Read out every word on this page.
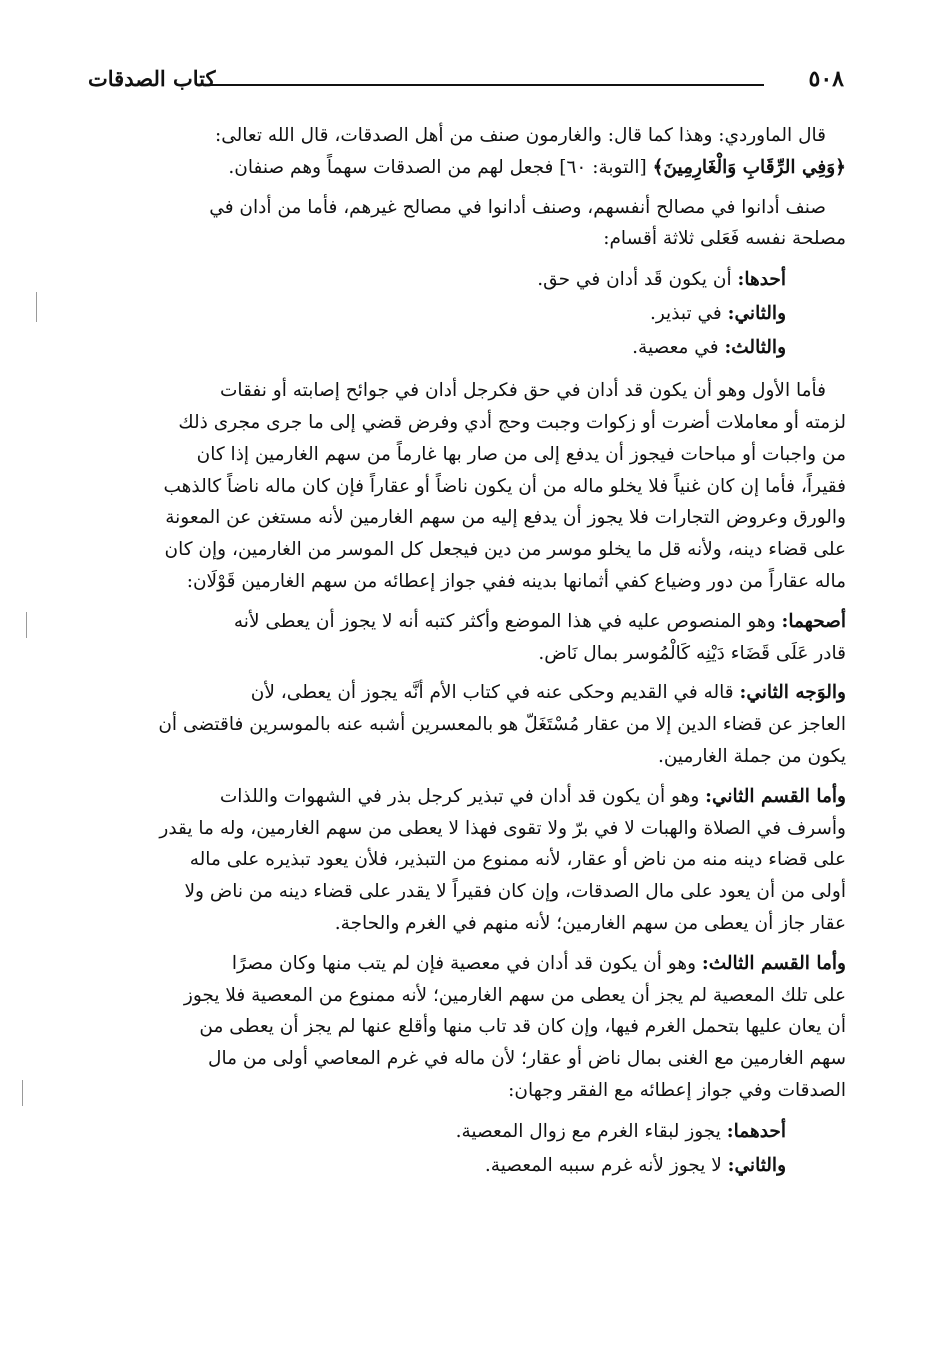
كتاب الصدقات	٥٠٨
قال الماوردي: وهذا كما قال: والغارمون صنف من أهل الصدقات، قال الله تعالى:
﴿وَفِي الرِّقَابِ وَالْغَارِمِينَ﴾ [التوبة: ٦٠] فجعل لهم من الصدقات سهماً وهم صنفان.
صنف أدانوا في مصالح أنفسهم، وصنف أدانوا في مصالح غيرهم، فأما من أدان في
مصلحة نفسه فَعَلى ثلاثة أقسام:
أحدها: أن يكون قَد أدان في حق.
والثاني: في تبذير.
والثالث: في معصية.
فأما الأول وهو أن يكون قد أدان في حق فكرجل أدان في جوائح إصابته أو نفقات
لزمته أو معاملات أضرت أو زكوات وجبت وحج أدي وفرض قضي إلى ما جرى مجرى ذلك
من واجبات أو مباحات فيجوز أن يدفع إلى من صار بها غارماً من سهم الغارمين إذا كان
فقيراً، فأما إن كان غنياً فلا يخلو ماله من أن يكون ناضاً أو عقاراً فإن كان ماله ناضاً كالذهب
والورق وعروض التجارات فلا يجوز أن يدفع إليه من سهم الغارمين لأنه مستغن عن المعونة
على قضاء دينه، ولأنه قل ما يخلو موسر من دين فيجعل كل الموسر من الغارمين، وإن كان
ماله عقاراً من دور وضياع كفي أثمانها بدينه ففي جواز إعطائه من سهم الغارمين قَوْلَان:
أصحهما: وهو المنصوص عليه في هذا الموضع وأكثر كتبه أنه لا يجوز أن يعطى لأنه
قادر عَلَى قَضَاء دَيْنِه كَالْمُوسر بمال نَاض.
والوَجه الثاني: قاله في القديم وحكى عنه في كتاب الأم أنَّه يجوز أن يعطى، لأن
العاجز عن قضاء الدين إلا من عقار مُسْتَغَلّ هو بالمعسرين أشبه عنه بالموسرين فاقتضى أن
يكون من جملة الغارمين.
وأما القسم الثاني: وهو أن يكون قد أدان في تبذير كرجل بذر في الشهوات واللذات
وأسرف في الصلاة والهبات لا في برّ ولا تقوى فهذا لا يعطى من سهم الغارمين، وله ما يقدر
على قضاء دينه منه من ناض أو عقار، لأنه ممنوع من التبذير، فلأن يعود تبذيره على ماله
أولى من أن يعود على مال الصدقات، وإن كان فقيراً لا يقدر على قضاء دينه من ناض ولا
عقار جاز أن يعطى من سهم الغارمين؛ لأنه منهم في الغرم والحاجة.
وأما القسم الثالث: وهو أن يكون قد أدان في معصية فإن لم يتب منها وكان مصرًا
على تلك المعصية لم يجز أن يعطى من سهم الغارمين؛ لأنه ممنوع من المعصية فلا يجوز
أن يعان عليها بتحمل الغرم فيها، وإن كان قد تاب منها وأقلع عنها لم يجز أن يعطى من
سهم الغارمين مع الغنى بمال ناض أو عقار؛ لأن ماله في غرم المعاصي أولى من مال
الصدقات وفي جواز إعطائه مع الفقر وجهان:
أحدهما: يجوز لبقاء الغرم مع زوال المعصية.
والثاني: لا يجوز لأنه غرم سببه المعصية.
